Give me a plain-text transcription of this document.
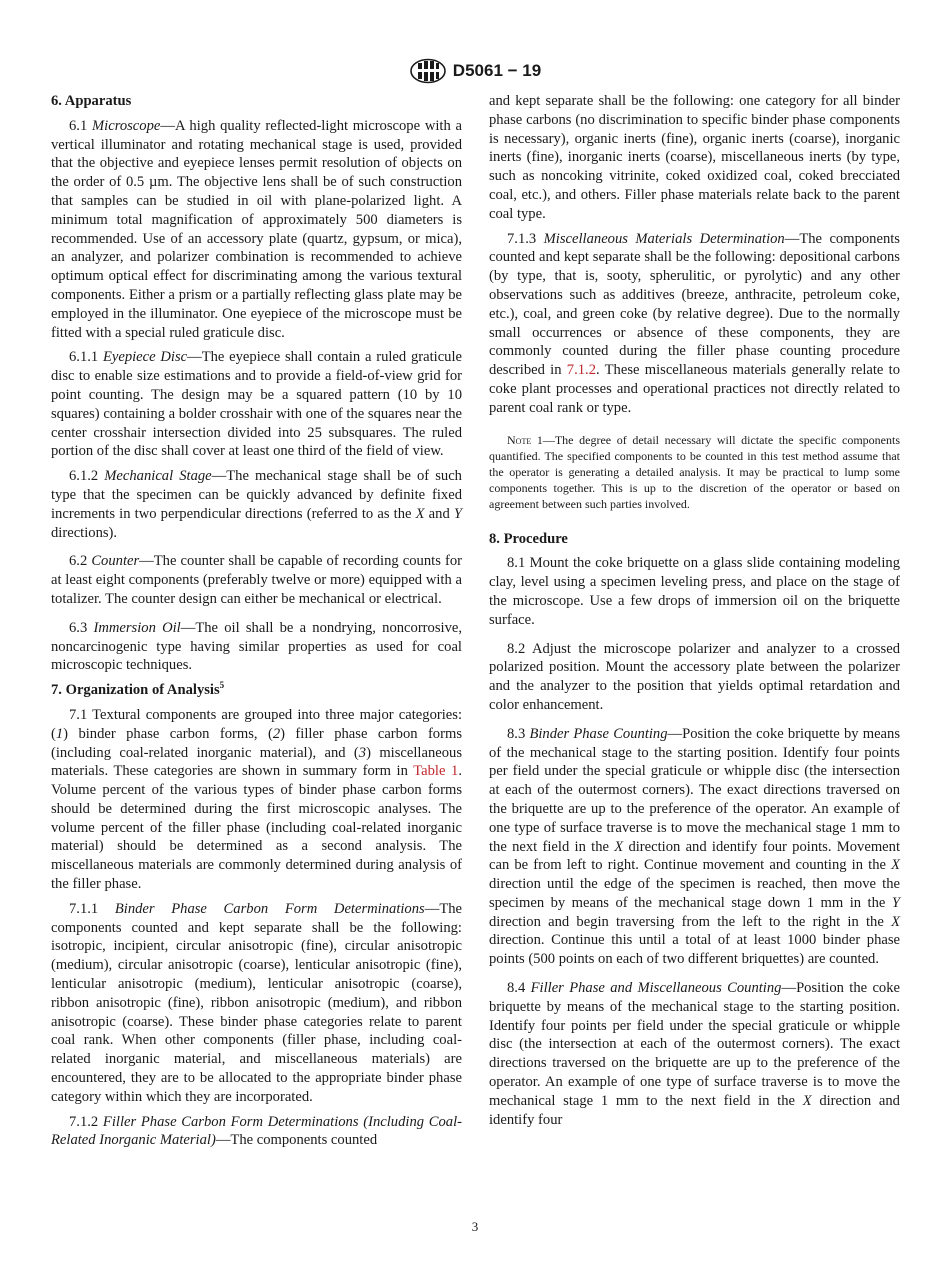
D5061 − 19
6. Apparatus

6.1 Microscope—A high quality reflected-light microscope with a vertical illuminator and rotating mechanical stage is used, provided that the objective and eyepiece lenses permit resolution of objects on the order of 0.5 µm. The objective lens shall be of such construction that samples can be studied in oil with plane-polarized light. A minimum total magnification of approximately 500 diameters is recommended. Use of an accessory plate (quartz, gypsum, or mica), an analyzer, and polarizer combination is recommended to achieve optimum optical effect for discriminating among the various textural components. Either a prism or a partially reflecting glass plate may be employed in the illuminator. One eyepiece of the microscope must be fitted with a special ruled graticule disc.

6.1.1 Eyepiece Disc—The eyepiece shall contain a ruled graticule disc to enable size estimations and to provide a field-of-view grid for point counting. The design may be a squared pattern (10 by 10 squares) containing a bolder crosshair with one of the squares near the center crosshair intersection divided into 25 subsquares. The ruled portion of the disc shall cover at least one third of the field of view.

6.1.2 Mechanical Stage—The mechanical stage shall be of such type that the specimen can be quickly advanced by definite fixed increments in two perpendicular directions (referred to as the X and Y directions).

6.2 Counter—The counter shall be capable of recording counts for at least eight components (preferably twelve or more) equipped with a totalizer. The counter design can either be mechanical or electrical.

6.3 Immersion Oil—The oil shall be a nondrying, noncorrosive, noncarcinogenic type having similar properties as used for coal microscopic techniques.

7. Organization of Analysis$^5$

7.1 Textural components are grouped into three major categories: (1) binder phase carbon forms, (2) filler phase carbon forms (including coal-related inorganic material), and (3) miscellaneous materials. These categories are shown in summary form in Table 1. Volume percent of the various types of binder phase carbon forms should be determined during the first microscopic analyses. The volume percent of the filler phase (including coal-related inorganic material) should be determined as a second analysis. The miscellaneous materials are commonly determined during analysis of the filler phase.

7.1.1 Binder Phase Carbon Form Determinations—The components counted and kept separate shall be the following: isotropic, incipient, circular anisotropic (fine), circular anisotropic (medium), circular anisotropic (coarse), lenticular anisotropic (fine), lenticular anisotropic (medium), lenticular anisotropic (coarse), ribbon anisotropic (fine), ribbon anisotropic (medium), and ribbon anisotropic (coarse). These binder phase categories relate to parent coal rank. When other components (filler phase, including coal-related inorganic material, and miscellaneous materials) are encountered, they are to be allocated to the appropriate binder phase category within which they are incorporated.

7.1.2 Filler Phase Carbon Form Determinations (Including Coal-Related Inorganic Material)—The components counted

and kept separate shall be the following: one category for all binder phase carbons (no discrimination to specific binder phase components is necessary), organic inerts (fine), organic inerts (coarse), inorganic inerts (fine), inorganic inerts (coarse), miscellaneous inerts (by type, such as noncoking vitrinite, coked oxidized coal, coked brecciated coal, etc.), and others. Filler phase materials relate back to the parent coal type.

7.1.3 Miscellaneous Materials Determination—The components counted and kept separate shall be the following: depositional carbons (by type, that is, sooty, spherulitic, or pyrolytic) and any other observations such as additives (breeze, anthracite, petroleum coke, etc.), coal, and green coke (by relative degree). Due to the normally small occurrences or absence of these components, they are commonly counted during the filler phase counting procedure described in 7.1.2. These miscellaneous materials generally relate to coke plant processes and operational practices not directly related to parent coal rank or type.

Note 1—The degree of detail necessary will dictate the specific components quantified. The specified components to be counted in this test method assume that the operator is generating a detailed analysis. It may be practical to lump some components together. This is up to the discretion of the operator or based on agreement between such parties involved.

8. Procedure

8.1 Mount the coke briquette on a glass slide containing modeling clay, level using a specimen leveling press, and place on the stage of the microscope. Use a few drops of immersion oil on the briquette surface.

8.2 Adjust the microscope polarizer and analyzer to a crossed polarized position. Mount the accessory plate between the polarizer and the analyzer to the position that yields optimal retardation and color enhancement.

8.3 Binder Phase Counting—Position the coke briquette by means of the mechanical stage to the starting position. Identify four points per field under the special graticule or whipple disc (the intersection at each of the outermost corners). The exact directions traversed on the briquette are up to the preference of the operator. An example of one type of surface traverse is to move the mechanical stage 1 mm to the next field in the X direction and identify four points. Movement can be from left to right. Continue movement and counting in the X direction until the edge of the specimen is reached, then move the specimen by means of the mechanical stage down 1 mm in the Y direction and begin traversing from the left to the right in the X direction. Continue this until a total of at least 1000 binder phase points (500 points on each of two different briquettes) are counted.

8.4 Filler Phase and Miscellaneous Counting—Position the coke briquette by means of the mechanical stage to the starting position. Identify four points per field under the special graticule or whipple disc (the intersection at each of the outermost corners). The exact directions traversed on the briquette are up to the preference of the operator. An example of one type of surface traverse is to move the mechanical stage 1 mm to the next field in the X direction and identify four

3
